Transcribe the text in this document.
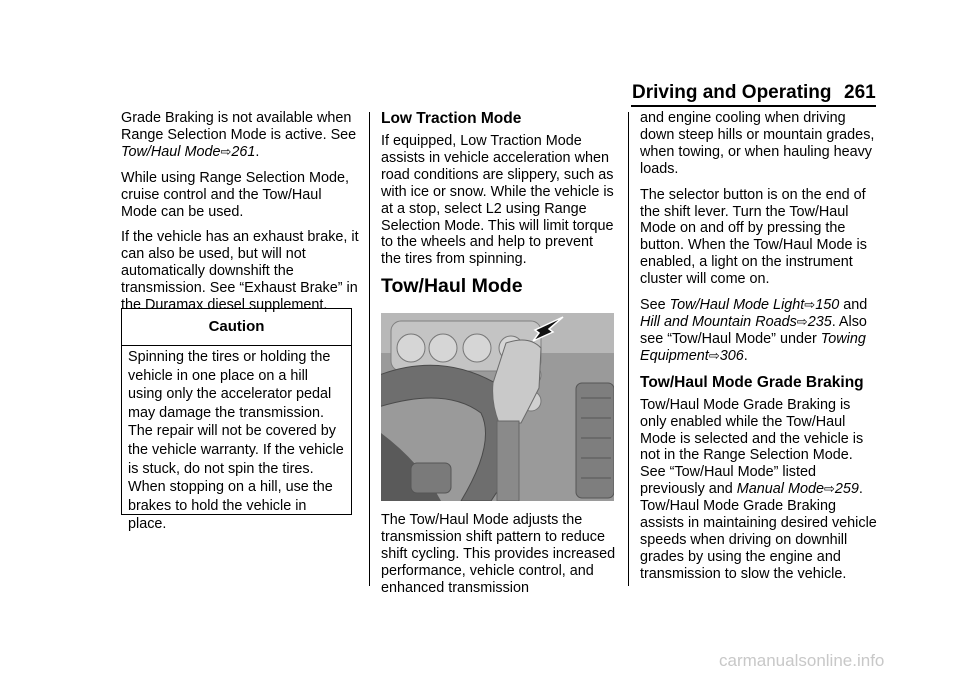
Driving and Operating 261

Grade Braking is not available when Range Selection Mode is active. See Tow/Haul Mode⇨261.

While using Range Selection Mode, cruise control and the Tow/Haul Mode can be used.

If the vehicle has an exhaust brake, it can also be used, but will not automatically downshift the transmission. See “Exhaust Brake” in the Duramax diesel supplement.

Caution
Spinning the tires or holding the vehicle in one place on a hill using only the accelerator pedal may damage the transmission. The repair will not be covered by the vehicle warranty. If the vehicle is stuck, do not spin the tires. When stopping on a hill, use the brakes to hold the vehicle in place.
Low Traction Mode

If equipped, Low Traction Mode assists in vehicle acceleration when road conditions are slippery, such as with ice or snow. While the vehicle is at a stop, select L2 using Range Selection Mode. This will limit torque to the wheels and help to prevent the tires from spinning.

Tow/Haul Mode

The Tow/Haul Mode adjusts the transmission shift pattern to reduce shift cycling. This provides increased performance, vehicle control, and enhanced transmission

and engine cooling when driving down steep hills or mountain grades, when towing, or when hauling heavy loads.

The selector button is on the end of the shift lever. Turn the Tow/Haul Mode on and off by pressing the button. When the Tow/Haul Mode is enabled, a light on the instrument cluster will come on.

See Tow/Haul Mode Light⇨150 and Hill and Mountain Roads⇨235. Also see “Tow/Haul Mode” under Towing Equipment⇨306.

Tow/Haul Mode Grade Braking

Tow/Haul Mode Grade Braking is only enabled while the Tow/Haul Mode is selected and the vehicle is not in the Range Selection Mode. See “Tow/Haul Mode” listed previously and Manual Mode⇨259. Tow/Haul Mode Grade Braking assists in maintaining desired vehicle speeds when driving on downhill grades by using the engine and transmission to slow the vehicle.

carmanualsonline.info
